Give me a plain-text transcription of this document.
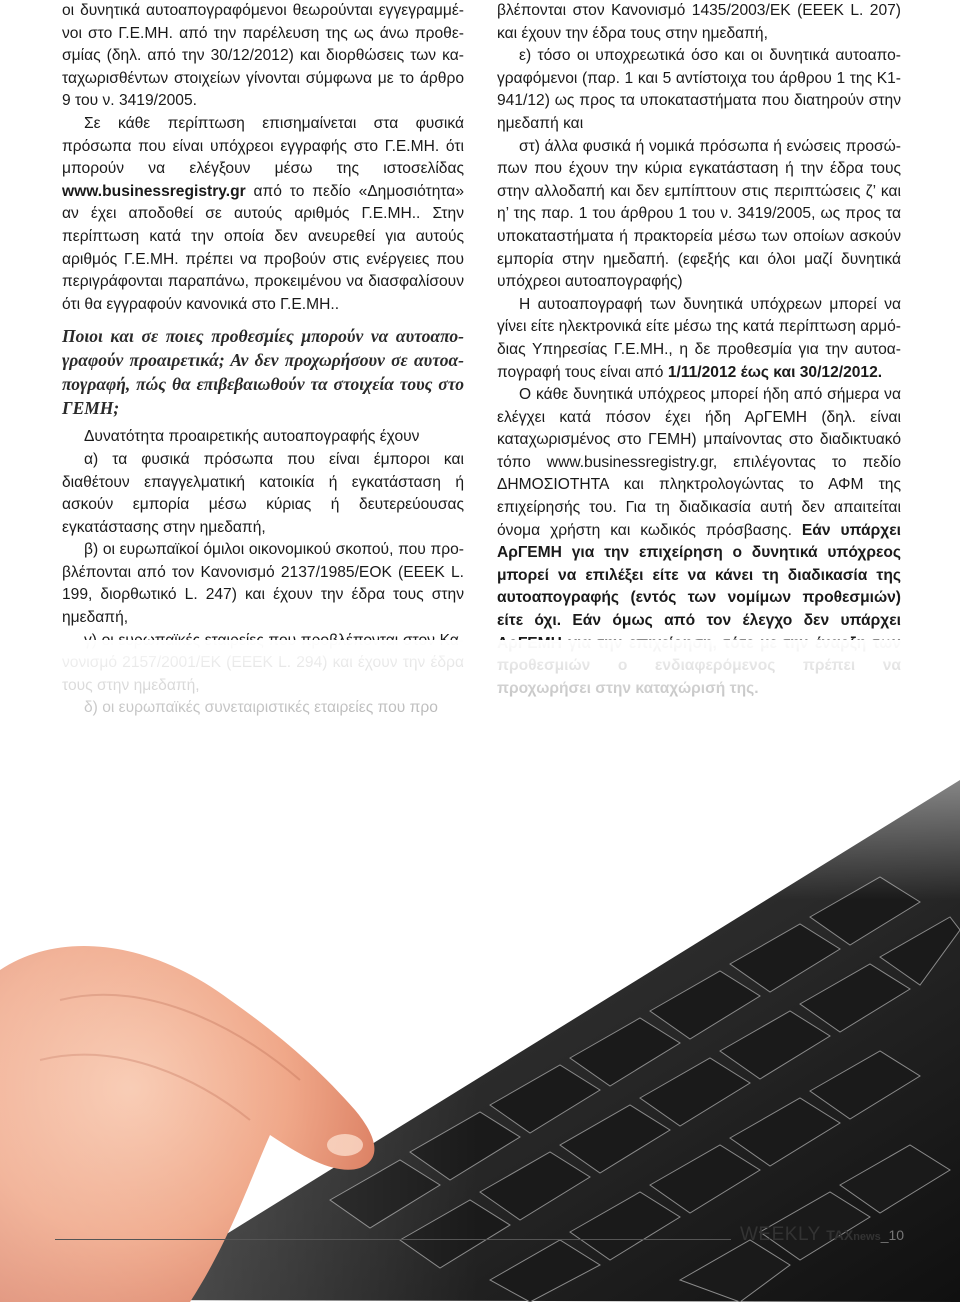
οι δυνητικά αυτοαπογραφόμενοι θεωρούνται εγγεγραμμένοι στο Γ.Ε.ΜΗ. από την παρέλευση της ως άνω προθεσμίας (δηλ. από την 30/12/2012) και διορθώσεις των καταχωρισθέντων στοιχείων γίνονται σύμφωνα με το άρθρο 9 του ν. 3419/2005.

Σε κάθε περίπτωση επισημαίνεται στα φυσικά πρόσωπα που είναι υπόχρεοι εγγραφής στο Γ.Ε.ΜΗ. ότι μπορούν να ελέγξουν μέσω της ιστοσελίδας www.businessregistry.gr από το πεδίο «Δημοσιότητα» αν έχει αποδοθεί σε αυτούς αριθμός Γ.Ε.ΜΗ.. Στην περίπτωση κατά την οποία δεν ανευρεθεί για αυτούς αριθμός Γ.Ε.ΜΗ. πρέπει να προβούν στις ενέργειες που περιγράφονται παραπάνω, προκειμένου να διασφαλίσουν ότι θα εγγραφούν κανονικά στο Γ.Ε.ΜΗ..

Ποιοι και σε ποιες προθεσμίες μπορούν να αυτοαπογραφούν προαιρετικά; Αν δεν προχωρήσουν σε αυτοαπογραφή, πώς θα επιβεβαιωθούν τα στοιχεία τους στο ΓΕΜΗ;

Δυνατότητα προαιρετικής αυτοαπογραφής έχουν

α) τα φυσικά πρόσωπα που είναι έμποροι και διαθέτουν επαγγελματική κατοικία ή εγκατάσταση ή ασκούν εμπορία μέσω κύριας ή δευτερεύουσας εγκατάστασης στην ημεδαπή,

β) οι ευρωπαϊκοί όμιλοι οικονομικού σκοπού, που προβλέπονται από τον Κανονισμό 2137/1985/ΕΟΚ (ΕΕΕΚ L. 199, διορθωτικό L. 247) και έχουν την έδρα τους στην ημεδαπή,

βλέπονται στον Κανονισμό 1435/2003/ΕΚ (ΕΕΕΚ L. 207) και έχουν την έδρα τους στην ημεδαπή,

ε) τόσο οι υποχρεωτικά όσο και οι δυνητικά αυτοαπογραφόμενοι (παρ. 1 και 5 αντίστοιχα του άρθρου 1 της Κ1-941/12) ως προς τα υποκαταστήματα που διατηρούν στην ημεδαπή και

στ) άλλα φυσικά ή νομικά πρόσωπα ή ενώσεις προσώπων που έχουν την κύρια εγκατάσταση ή την έδρα τους στην αλλοδαπή και δεν εμπίπτουν στις περιπτώσεις ζ’ και η’ της παρ. 1 του άρθρου 1 του ν. 3419/2005, ως προς τα υποκαταστήματα ή πρακτορεία μέσω των οποίων ασκούν εμπορία στην ημεδαπή. (εφεξής και όλοι μαζί δυνητικά υπόχρεοι αυτοαπογραφής)

Η αυτοαπογραφή των δυνητικά υπόχρεων μπορεί να γίνει είτε ηλεκτρονικά είτε μέσω της κατά περίπτωση αρμόδιας Υπηρεσίας Γ.Ε.ΜΗ., η δε προθεσμία για την αυτοαπογραφή τους είναι από 1/11/2012 έως και 30/12/2012.

Ο κάθε δυνητικά υπόχρεος μπορεί ήδη από σήμερα να ελέγχει κατά πόσον έχει ήδη ΑρΓΕΜΗ (δηλ. είναι καταχωρισμένος στο ΓΕΜΗ) μπαίνοντας στο διαδικτυακό τόπο www.businessregistry.gr, επιλέγοντας το πεδίο ΔΗΜΟΣΙΟΤΗΤΑ και πληκτρολογώντας το ΑΦΜ της επιχείρησής του. Για τη διαδικασία αυτή δεν απαιτείται όνομα χρήστη και κωδικός πρόσβασης. Εάν υπάρχει ΑρΓΕΜΗ για την επιχείρηση ο δυνητικά υπόχρεος μπορεί να επιλέξει είτε να κάνει τη διαδικασία της αυτοαπογραφής (εντός των νομίμων προθεσμιών) είτε όχι. Εάν όμως από τον έλεγχο δεν υπάρχει

WEEKLY TAXnews_10
